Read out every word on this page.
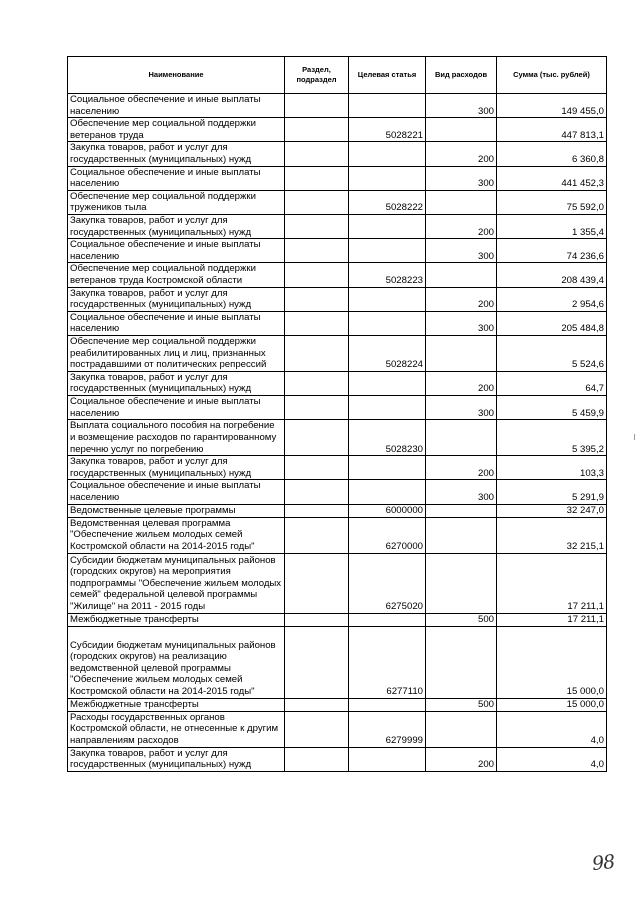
Наименование	Раздел, подраздел	Целевая статья	Вид расходов	Сумма (тыс. рублей)
Социальное обеспечение и иные выплаты населению			300	149 455,0
Обеспечение мер социальной поддержки ветеранов труда		5028221		447 813,1
Закупка товаров, работ и услуг для государственных (муниципальных) нужд			200	6 360,8
Социальное обеспечение и иные выплаты населению			300	441 452,3
Обеспечение мер социальной поддержки тружеников тыла		5028222		75 592,0
Закупка товаров, работ и услуг для государственных (муниципальных) нужд			200	1 355,4
Социальное обеспечение и иные выплаты населению			300	74 236,6
Обеспечение мер социальной поддержки ветеранов труда Костромской области		5028223		208 439,4
Закупка товаров, работ и услуг для государственных (муниципальных) нужд			200	2 954,6
Социальное обеспечение и иные выплаты населению			300	205 484,8
Обеспечение мер социальной поддержки реабилитированных лиц и лиц, признанных пострадавшими от политических репрессий		5028224		5 524,6
Закупка товаров, работ и услуг для государственных (муниципальных) нужд			200	64,7
Социальное обеспечение и иные выплаты населению			300	5 459,9
Выплата социального пособия на погребение и возмещение расходов по гарантированному перечню услуг по погребению		5028230		5 395,2
Закупка товаров, работ и услуг для государственных (муниципальных) нужд			200	103,3
Социальное обеспечение и иные выплаты населению			300	5 291,9
Ведомственные целевые программы		6000000		32 247,0
Ведомственная целевая программа "Обеспечение жильем молодых семей Костромской области на 2014-2015 годы"		6270000		32 215,1
Субсидии бюджетам муниципальных районов (городских округов) на мероприятия подпрограммы "Обеспечение жильем молодых семей" федеральной целевой программы "Жилище" на 2011 - 2015 годы		6275020		17 211,1
Межбюджетные трансферты			500	17 211,1
Субсидии бюджетам муниципальных районов (городских округов) на реализацию ведомственной целевой программы "Обеспечение жильем молодых семей Костромской области на 2014-2015 годы"		6277110		15 000,0
Межбюджетные трансферты			500	15 000,0
Расходы государственных органов Костромской области, не отнесенные к другим направлениям расходов		6279999		4,0
Закупка товаров, работ и услуг для государственных (муниципальных) нужд			200	4,0
98
